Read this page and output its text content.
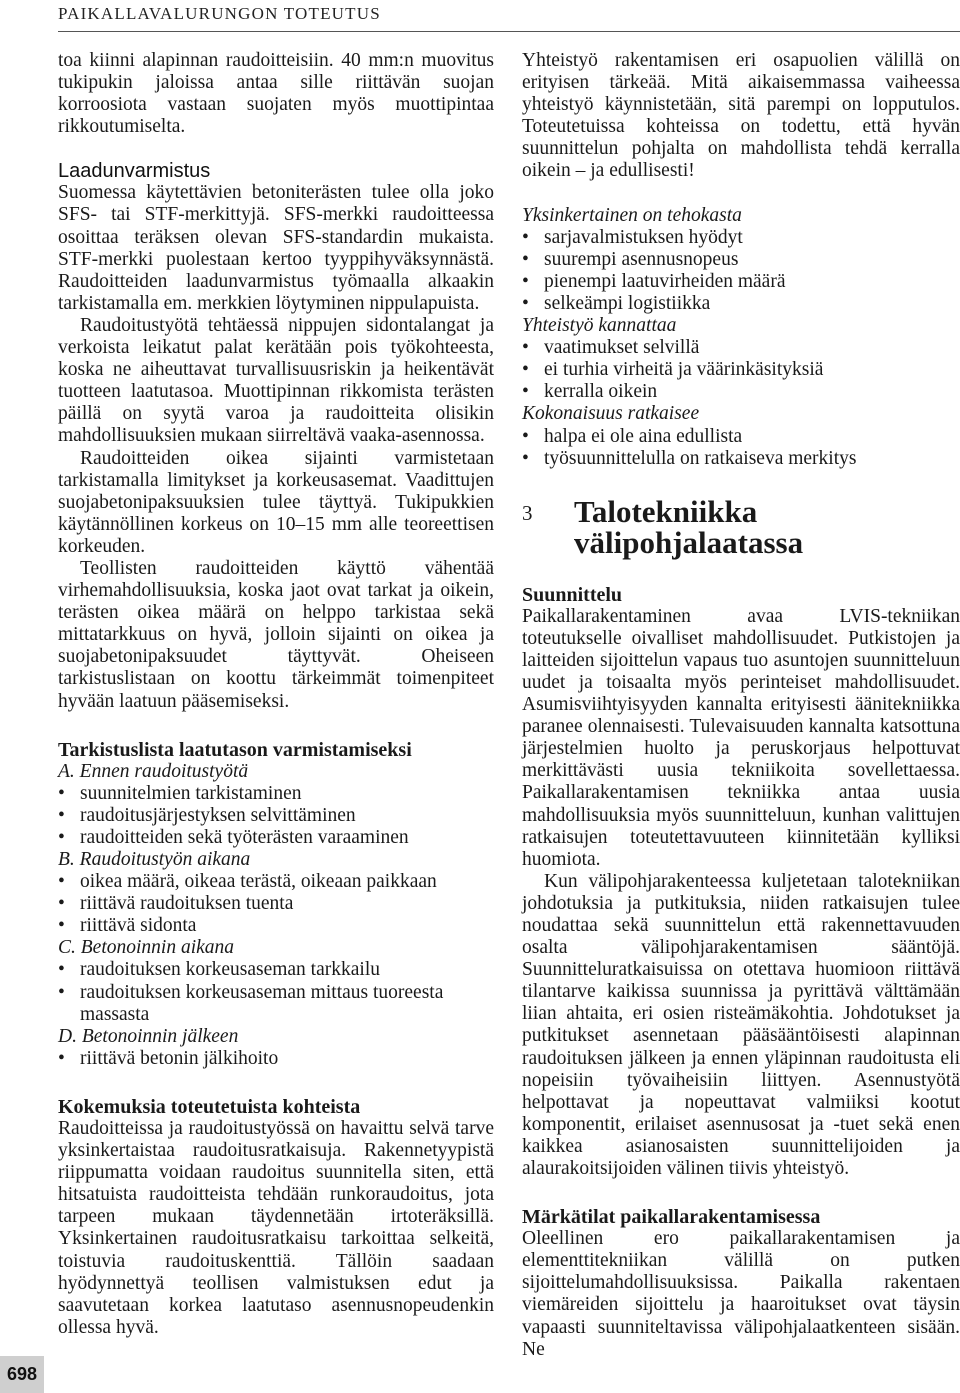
PAIKALLAVALURUNGON TOTEUTUS

toa kiinni alapinnan raudoitteisiin. 40 mm:n muovitus tukipukin jaloissa antaa sille riittävän suojan korroosiota vastaan suojaten myös muottipintaa rikkoutumiselta.

Laadunvarmistus

Suomessa käytettävien betoniterästen tulee olla joko SFS- tai STF-merkittyjä. SFS-merkki raudoitteessa osoittaa teräksen olevan SFS-standardin mukaista. STF-merkki puolestaan kertoo tyyppihyväksynnästä. Raudoitteiden laadunvarmistus työmaalla alkaakin tarkistamalla em. merkkien löytyminen nippulapuista.

Raudoitustyötä tehtäessä nippujen sidontalangat ja verkoista leikatut palat kerätään pois työkohteesta, koska ne aiheuttavat turvallisuusriskin ja heikentävät tuotteen laatutasoa. Muottipinnan rikkomista terästen päillä on syytä varoa ja raudoitteita olisikin mahdollisuuksien mukaan siirreltävä vaaka-asennossa.

Raudoitteiden oikea sijainti varmistetaan tarkistamalla limitykset ja korkeusasemat. Vaadittujen suojabetonipaksuuksien tulee täyttyä. Tukipukkien käytännöllinen korkeus on 10–15 mm alle teoreettisen korkeuden.

Teollisten raudoitteiden käyttö vähentää virhemahdollisuuksia, koska jaot ovat tarkat ja oikein, terästen oikea määrä on helppo tarkistaa sekä mittatarkkuus on hyvä, jolloin sijainti on oikea ja suojabetonipaksuudet täyttyvät. Oheiseen tarkistuslistaan on koottu tärkeimmät toimenpiteet hyvään laatuun pääsemiseksi.

Tarkistuslista laatutason varmistamiseksi
A. Ennen raudoitustyötä
• suunnitelmien tarkistaminen
• raudoitusjärjestyksen selvittäminen
• raudoitteiden sekä työterästen varaaminen
B. Raudoitustyön aikana
• oikea määrä, oikeaa terästä, oikeaan paikkaan
• riittävä raudoituksen tuenta
• riittävä sidonta
C. Betonoinnin aikana
• raudoituksen korkeusaseman tarkkailu
• raudoituksen korkeusaseman mittaus tuoreesta massasta
D. Betonoinnin jälkeen
• riittävä betonin jälkihoito
Kokemuksia toteutetuista kohteista

Raudoitteissa ja raudoitustyössä on havaittu selvä tarve yksinkertaistaa raudoitusratkaisuja. Rakennetyypistä riippumatta voidaan raudoitus suunnitella siten, että hitsatuista raudoitteista tehdään runkoraudoitus, jota tarpeen mukaan täydennetään irtoteräksillä. Yksinkertainen raudoitusratkaisu tarkoittaa selkeitä, toistuvia raudoituskenttiä. Tällöin saadaan hyödynnettyä teollisen valmistuksen edut ja saavutetaan korkea laatutaso asennusnopeudenkin ollessa hyvä.

Yhteistyö rakentamisen eri osapuolien välillä on erityisen tärkeää. Mitä aikaisemmassa vaiheessa yhteistyö käynnistetään, sitä parempi on lopputulos. Toteutetuissa kohteissa on todettu, että hyvän suunnittelun pohjalta on mahdollista tehdä kerralla oikein – ja edullisesti!

Yksinkertainen on tehokasta
• sarjavalmistuksen hyödyt
• suurempi asennusnopeus
• pienempi laatuvirheiden määrä
• selkeämpi logistiikka
Yhteistyö kannattaa
• vaatimukset selvillä
• ei turhia virheitä ja väärinkäsityksiä
• kerralla oikein
Kokonaisuus ratkaisee
• halpa ei ole aina edullista
• työsuunnittelulla on ratkaiseva merkitys
3	Talotekniikka
välipohjalaatassa
Suunnittelu

Paikallarakentaminen avaa LVIS-tekniikan toteutukselle oivalliset mahdollisuudet. Putkistojen ja laitteiden sijoittelun vapaus tuo asuntojen suunnitteluun uudet ja toisaalta myös perinteiset mahdollisuudet. Asumisviihtyisyyden kannalta erityisesti äänitekniikka paranee olennaisesti. Tulevaisuuden kannalta katsottuna järjestelmien huolto ja peruskorjaus helpottuvat merkittävästi uusia tekniikoita sovellettaessa. Paikallarakentamisen tekniikka antaa uusia mahdollisuuksia myös suunnitteluun, kunhan valittujen ratkaisujen toteutettavuuteen kiinnitetään kylliksi huomiota.

Kun välipohjarakenteessa kuljetetaan talotekniikan johdotuksia ja putkituksia, niiden ratkaisujen tulee noudattaa sekä suunnittelun että rakennettavuuden osalta välipohjarakentamisen sääntöjä. Suunnitteluratkaisuissa on otettava huomioon riittävä tilantarve kaikissa suunnissa ja pyrittävä välttämään liian ahtaita, eri osien risteämäkohtia. Johdotukset ja putkitukset asennetaan pääsääntöisesti alapinnan raudoituksen jälkeen ja ennen yläpinnan raudoitusta eli nopeisiin työvaiheisiin liittyen. Asennustyötä helpottavat ja nopeuttavat valmiiksi kootut komponentit, erilaiset asennusosat ja -tuet sekä enen kaikkea asianosaisten suunnittelijoiden ja alaurakoitsijoiden välinen tiivis yhteistyö.

Märkätilat paikallarakentamisessa

Oleellinen ero paikallarakentamisen ja elementtitekniikan välillä on putken sijoittelumahdollisuuksissa. Paikalla rakentaen viemäreiden sijoittelu ja haaroitukset ovat täysin vapaasti suunniteltavissa välipohjalaatkenteen sisään. Ne

698
